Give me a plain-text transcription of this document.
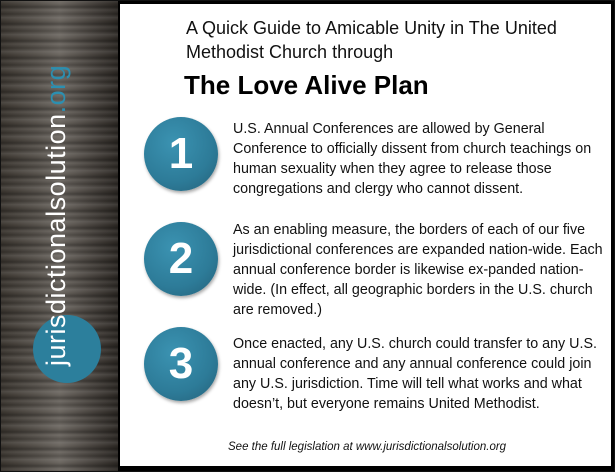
jurisdictionalsolution.org
A Quick Guide to Amicable Unity in The United Methodist Church through
The Love Alive Plan
1	U.S. Annual Conferences are allowed by General Conference to officially dissent from church teachings on human sexuality when they agree to release those congregations and clergy who cannot dissent.
2
As an enabling measure, the borders of each of our five jurisdictional conferences are expanded nation-wide. Each annual conference border is likewise ex-panded nation-wide. (In effect, all geographic borders in the U.S. church are removed.)
3	Once enacted, any U.S. church could transfer to any U.S. annual conference and any annual conference could join any U.S. jurisdiction. Time will tell what works and what doesn’t, but everyone remains United Methodist.
See the full legislation at www.jurisdictionalsolution.org
